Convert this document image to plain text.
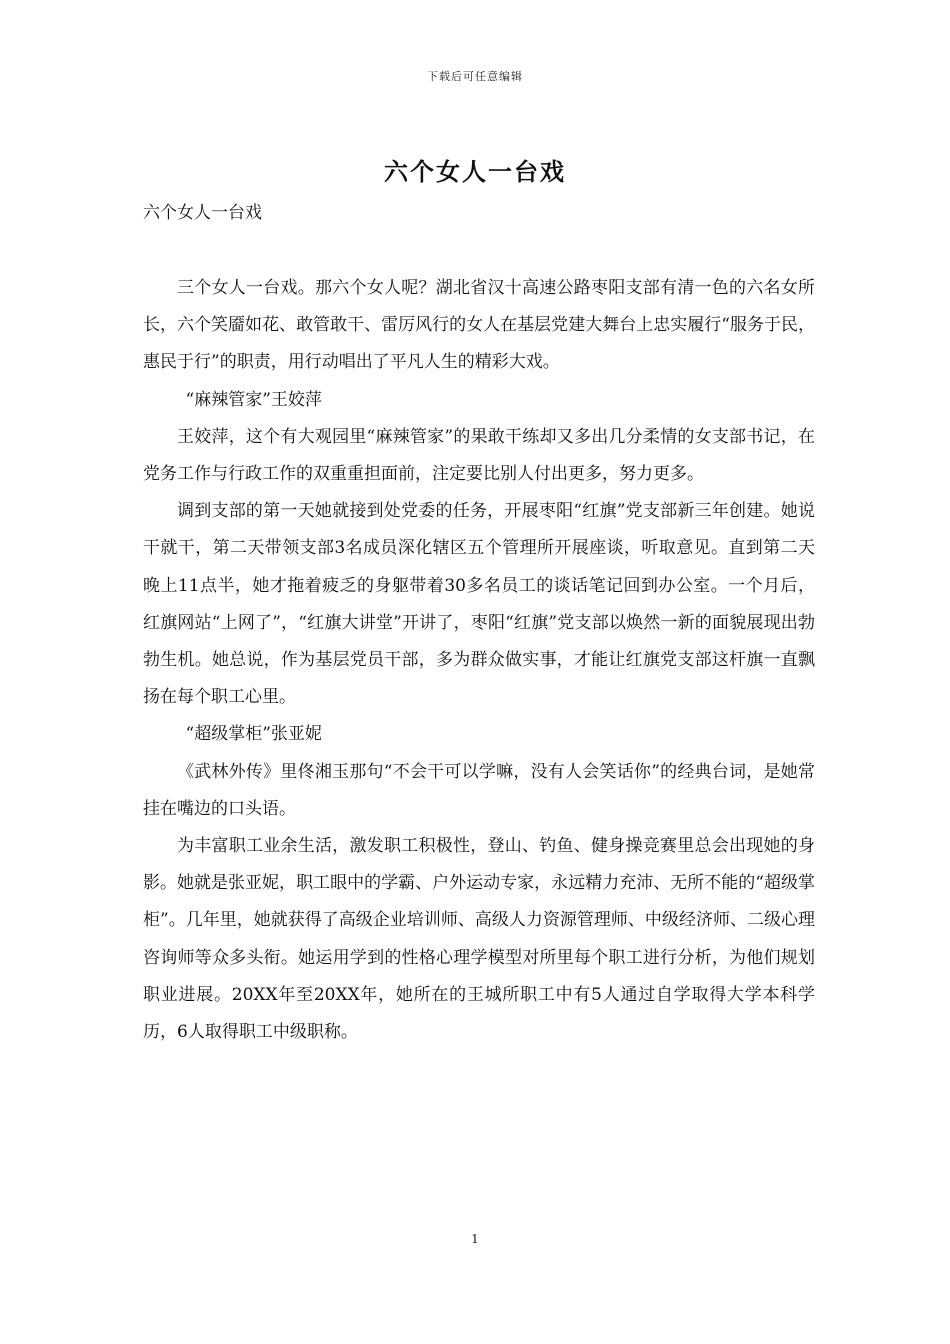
下载后可任意编辑
六个女人一台戏
六个女人一台戏

三个女人一台戏。那六个女人呢？湖北省汉十高速公路枣阳支部有清一色的六名女所长，六个笑靥如花、敢管敢干、雷厉风行的女人在基层党建大舞台上忠实履行“服务于民，惠民于行”的职责，用行动唱出了平凡人生的精彩大戏。

“麻辣管家”王姣萍

王姣萍，这个有大观园里“麻辣管家”的果敢干练却又多出几分柔情的女支部书记，在党务工作与行政工作的双重重担面前，注定要比别人付出更多，努力更多。

调到支部的第一天她就接到处党委的任务，开展枣阳“红旗”党支部新三年创建。她说干就干，第二天带领支部3名成员深化辖区五个管理所开展座谈，听取意见。直到第二天晚上11点半，她才拖着疲乏的身躯带着30多名员工的谈话笔记回到办公室。一个月后，红旗网站“上网了”，“红旗大讲堂”开讲了，枣阳“红旗”党支部以焕然一新的面貌展现出勃勃生机。她总说，作为基层党员干部，多为群众做实事，才能让红旗党支部这杆旗一直飘扬在每个职工心里。

“超级掌柜”张亚妮

《武林外传》里佟湘玉那句“不会干可以学嘛，没有人会笑话你”的经典台词，是她常挂在嘴边的口头语。

为丰富职工业余生活，激发职工积极性，登山、钓鱼、健身操竞赛里总会出现她的身影。她就是张亚妮，职工眼中的学霸、户外运动专家，永远精力充沛、无所不能的“超级掌柜”。几年里，她就获得了高级企业培训师、高级人力资源管理师、中级经济师、二级心理咨询师等众多头衔。她运用学到的性格心理学模型对所里每个职工进行分析，为他们规划职业进展。20XX年至20XX年，她所在的王城所职工中有5人通过自学取得大学本科学历，6人取得职工中级职称。

1
